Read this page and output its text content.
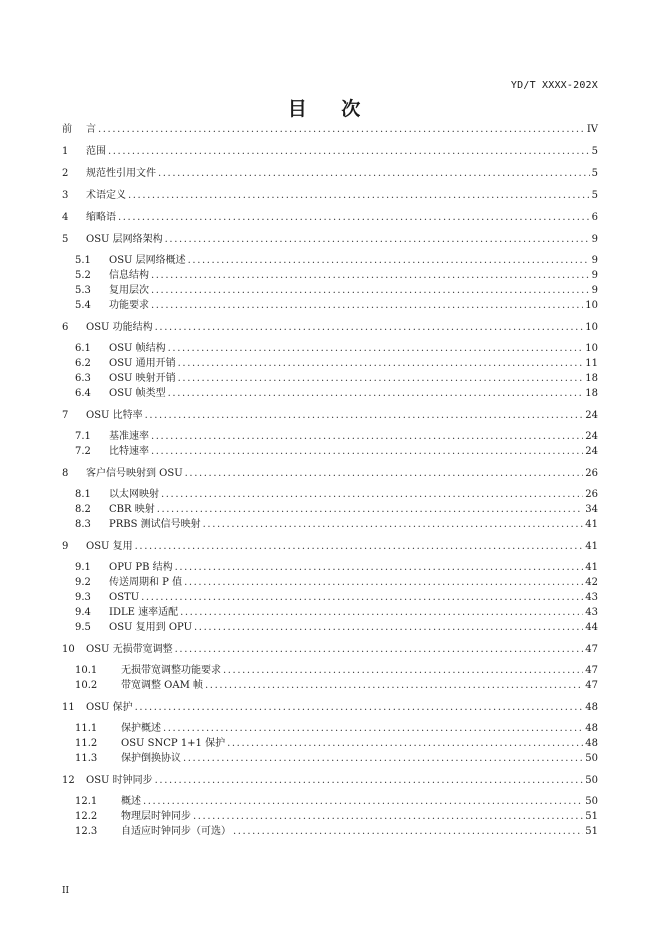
YD/T XXXX-202X
目 次
前	言 .....	IV
1	范围 .....	5
2	规范性引用文件 .....	5
3	术语定义 .....	5
4	缩略语 .....	6
5	OSU 层网络架构 .....	9
5.1	OSU 层网络概述 .....	9
5.2	信息结构 .....	9
5.3	复用层次 .....	9
5.4	功能要求 .....	10
6	OSU 功能结构 .....	10
6.1	OSU 帧结构 .....	10
6.2	OSU 通用开销 .....	11
6.3	OSU 映射开销 .....	18
6.4	OSU 帧类型 .....	18
7	OSU 比特率 .....	24
7.1	基准速率 .....	24
7.2	比特速率 .....	24
8	客户信号映射到 OSU .....	26
8.1	以太网映射 .....	26
8.2	CBR 映射 .....	34
8.3	PRBS 测试信号映射 .....	41
9	OSU 复用 .....	41
9.1	OPU PB 结构 .....	41
9.2	传送周期和 P 值 .....	42
9.3	OSTU .....	43
9.4	IDLE 速率适配 .....	43
9.5	OSU 复用到 OPU .....	44
10	OSU 无损带宽调整 .....	47
10.1	无损带宽调整功能要求 .....	47
10.2	带宽调整 OAM 帧 .....	47
11	OSU 保护 .....	48
11.1	保护概述 .....	48
11.2	OSU SNCP 1+1 保护 .....	48
11.3	保护倒换协议 .....	50
12	OSU 时钟同步 .....	50
12.1	概述 .....	50
12.2	物理层时钟同步 .....	51
12.3	自适应时钟同步（可选） .....	51
II
